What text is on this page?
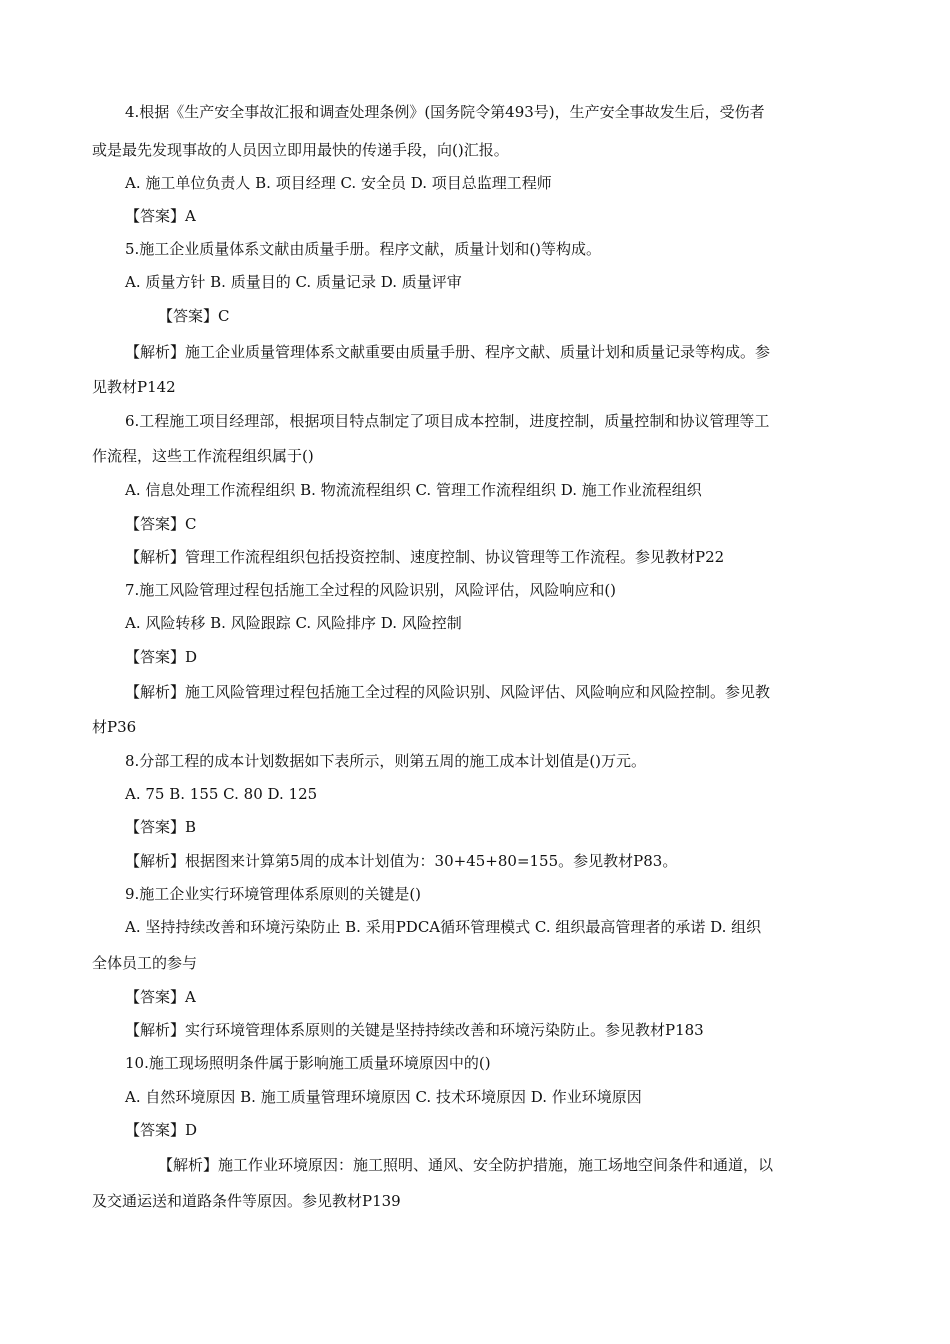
4.根据《生产安全事故汇报和调查处理条例》(国务院令第493号)，生产安全事故发生后，受伤者
或是最先发现事故的人员因立即用最快的传递手段，向()汇报。
A. 施工单位负责人 B. 项目经理 C. 安全员 D. 项目总监理工程师
【答案】A
5.施工企业质量体系文献由质量手册。程序文献，质量计划和()等构成。
A. 质量方针 B. 质量目的 C. 质量记录 D. 质量评审
【答案】C
【解析】施工企业质量管理体系文献重要由质量手册、程序文献、质量计划和质量记录等构成。参
见教材P142
6.工程施工项目经理部，根据项目特点制定了项目成本控制，进度控制，质量控制和协议管理等工
作流程，这些工作流程组织属于()
A. 信息处理工作流程组织 B. 物流流程组织 C. 管理工作流程组织 D. 施工作业流程组织
【答案】C
【解析】管理工作流程组织包括投资控制、速度控制、协议管理等工作流程。参见教材P22
7.施工风险管理过程包括施工全过程的风险识别，风险评估，风险响应和()
A. 风险转移 B. 风险跟踪 C. 风险排序 D. 风险控制
【答案】D
【解析】施工风险管理过程包括施工全过程的风险识别、风险评估、风险响应和风险控制。参见教
材P36
8.分部工程的成本计划数据如下表所示，则第五周的施工成本计划值是()万元。
A. 75 B. 155 C. 80 D. 125
【答案】B
【解析】根据图来计算第5周的成本计划值为：30+45+80=155。参见教材P83。
9.施工企业实行环境管理体系原则的关键是()
A. 坚持持续改善和环境污染防止 B. 采用PDCA循环管理模式 C. 组织最高管理者的承诺 D. 组织
全体员工的参与
【答案】A
【解析】实行环境管理体系原则的关键是坚持持续改善和环境污染防止。参见教材P183
10.施工现场照明条件属于影响施工质量环境原因中的()
A. 自然环境原因 B. 施工质量管理环境原因 C. 技术环境原因 D. 作业环境原因
【答案】D
【解析】施工作业环境原因：施工照明、通风、安全防护措施，施工场地空间条件和通道，以
及交通运送和道路条件等原因。参见教材P139
